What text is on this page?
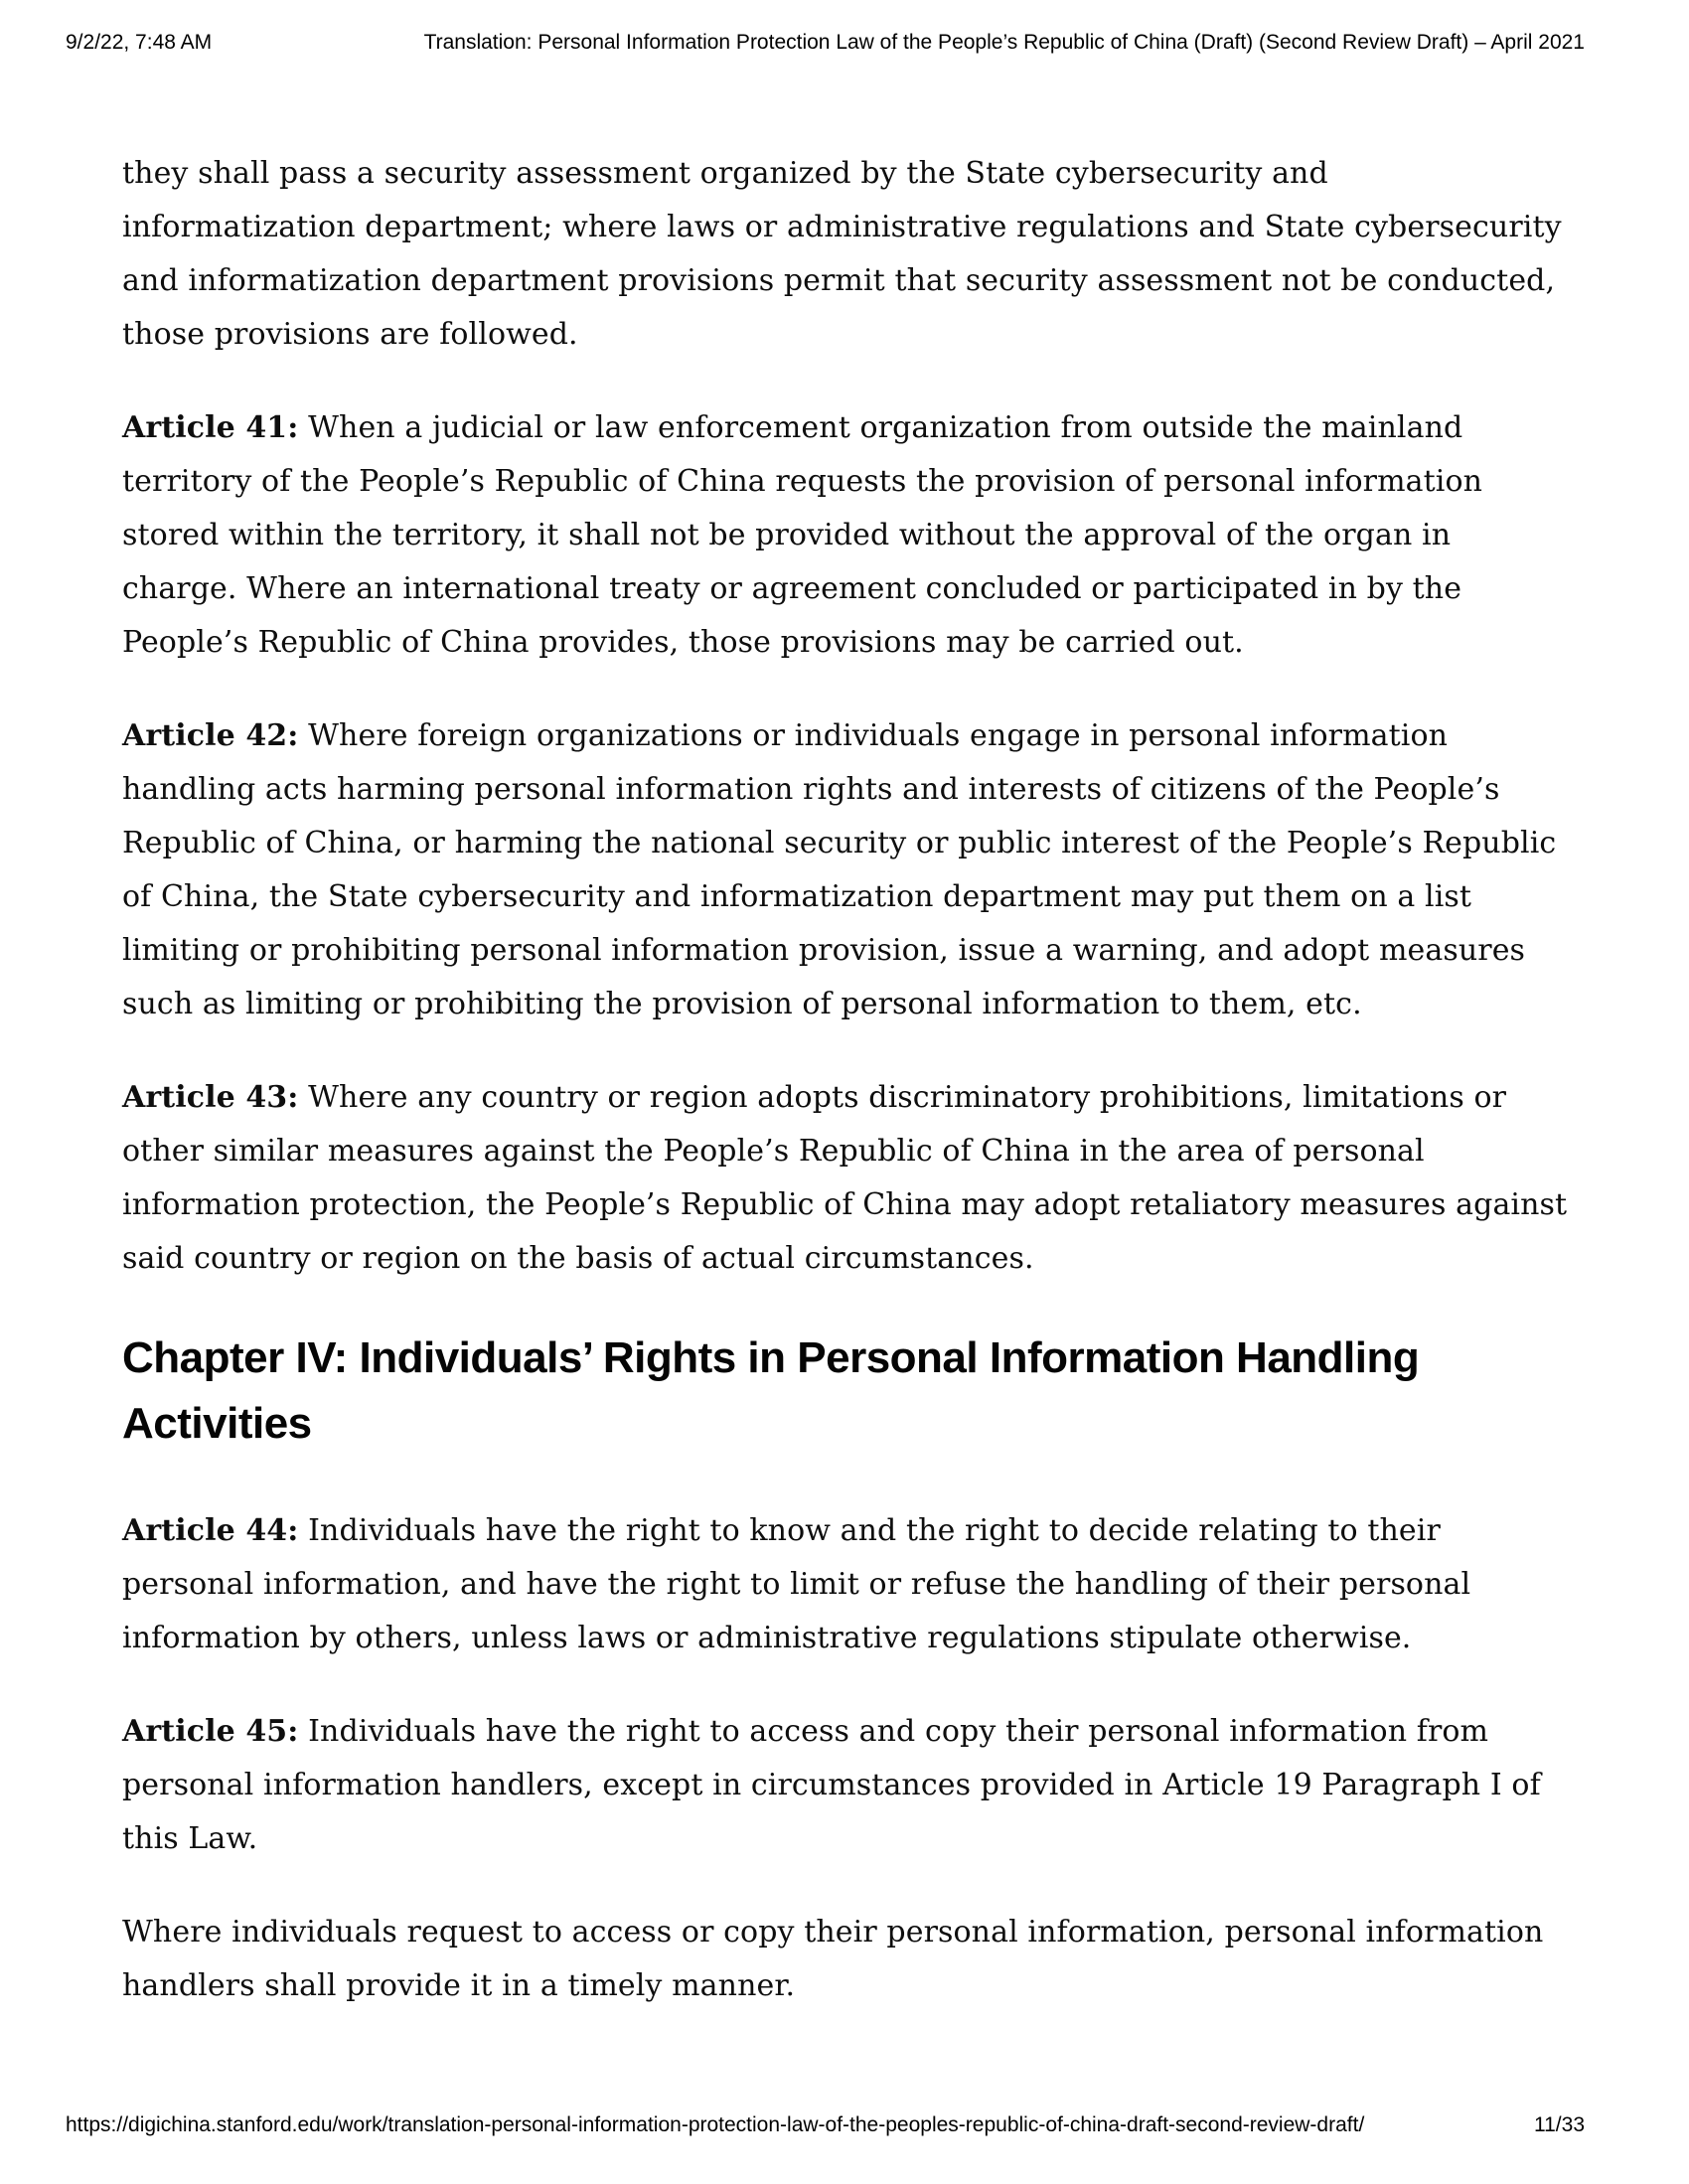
9/2/22, 7:48 AM	Translation: Personal Information Protection Law of the People’s Republic of China (Draft) (Second Review Draft) – April 2021

they shall pass a security assessment organized by the State cybersecurity and informatization department; where laws or administrative regulations and State cybersecurity and informatization department provisions permit that security assessment not be conducted, those provisions are followed.

Article 41: When a judicial or law enforcement organization from outside the mainland territory of the People’s Republic of China requests the provision of personal information stored within the territory, it shall not be provided without the approval of the organ in charge. Where an international treaty or agreement concluded or participated in by the People’s Republic of China provides, those provisions may be carried out.

Article 42: Where foreign organizations or individuals engage in personal information handling acts harming personal information rights and interests of citizens of the People’s Republic of China, or harming the national security or public interest of the People’s Republic of China, the State cybersecurity and informatization department may put them on a list limiting or prohibiting personal information provision, issue a warning, and adopt measures such as limiting or prohibiting the provision of personal information to them, etc.

Article 43: Where any country or region adopts discriminatory prohibitions, limitations or other similar measures against the People’s Republic of China in the area of personal information protection, the People’s Republic of China may adopt retaliatory measures against said country or region on the basis of actual circumstances.

Chapter IV: Individuals’ Rights in Personal Information Handling Activities

Article 44: Individuals have the right to know and the right to decide relating to their personal information, and have the right to limit or refuse the handling of their personal information by others, unless laws or administrative regulations stipulate otherwise.

Article 45: Individuals have the right to access and copy their personal information from personal information handlers, except in circumstances provided in Article 19 Paragraph I of this Law.

Where individuals request to access or copy their personal information, personal information handlers shall provide it in a timely manner.

https://digichina.stanford.edu/work/translation-personal-information-protection-law-of-the-peoples-republic-of-china-draft-second-review-draft/	11/33
